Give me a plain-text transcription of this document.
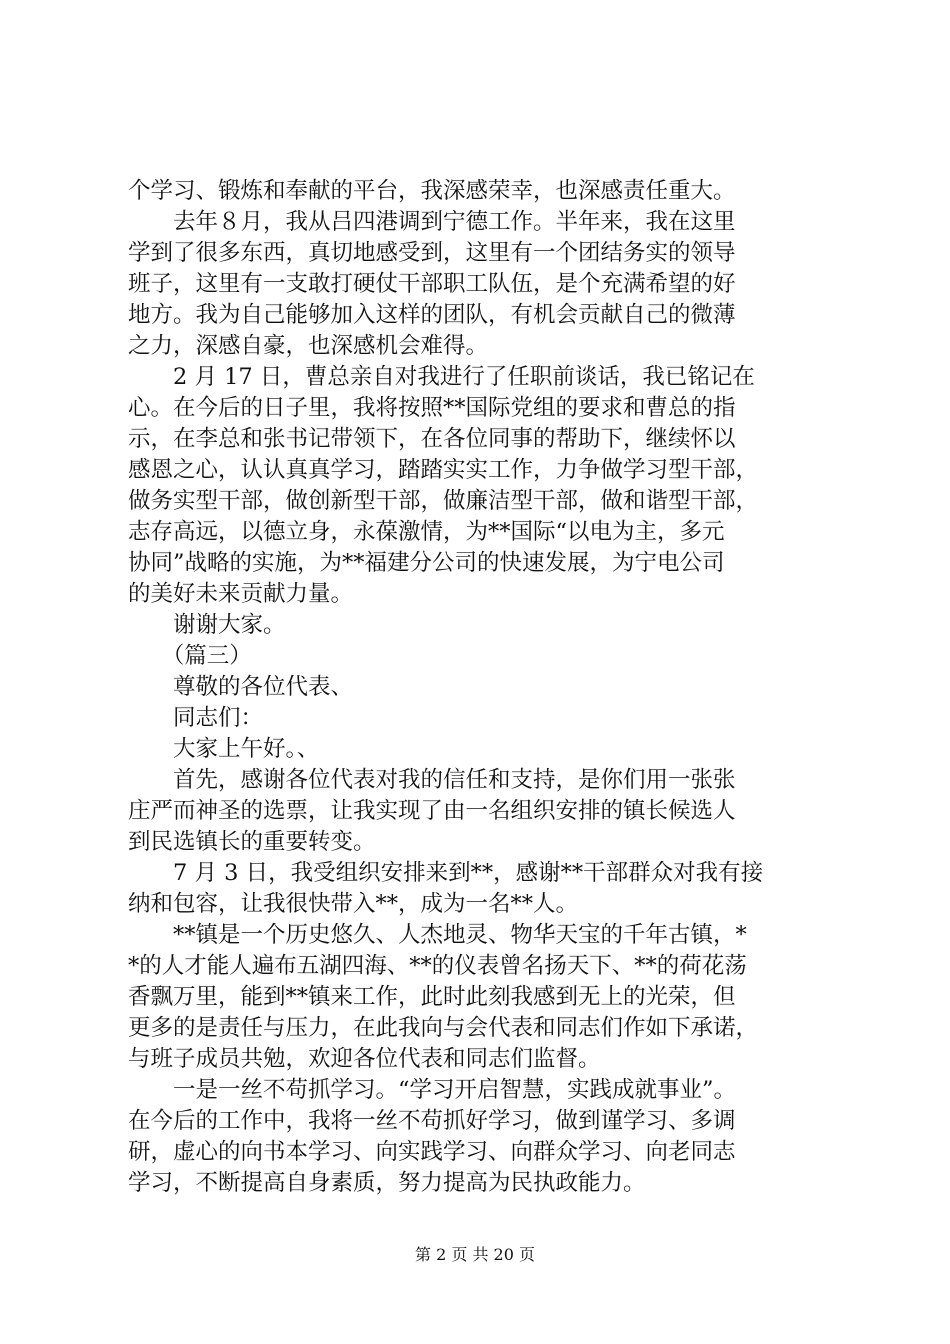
个学习、锻炼和奉献的平台，我深感荣幸，也深感责任重大。
　　去年８月，我从吕四港调到宁德工作。半年来，我在这里
学到了很多东西，真切地感受到，这里有一个团结务实的领导
班子，这里有一支敢打硬仗干部职工队伍，是个充满希望的好
地方。我为自己能够加入这样的团队，有机会贡献自己的微薄
之力，深感自豪，也深感机会难得。
　　2 月 17 日，曹总亲自对我进行了任职前谈话，我已铭记在
心。在今后的日子里，我将按照**国际党组的要求和曹总的指
示，在李总和张书记带领下，在各位同事的帮助下，继续怀以
感恩之心，认认真真学习，踏踏实实工作，力争做学习型干部，
做务实型干部，做创新型干部，做廉洁型干部，做和谐型干部，
志存高远，以德立身，永葆激情，为**国际“以电为主，多元
协同”战略的实施，为**福建分公司的快速发展，为宁电公司
的美好未来贡献力量。
　　谢谢大家。
　　（篇三）
　　尊敬的各位代表、
　　同志们：
　　大家上午好。、
　　首先，感谢各位代表对我的信任和支持，是你们用一张张
庄严而神圣的选票，让我实现了由一名组织安排的镇长候选人
到民选镇长的重要转变。
　　7 月 3 日，我受组织安排来到**，感谢**干部群众对我有接
纳和包容，让我很快带入**，成为一名**人。
　　**镇是一个历史悠久、人杰地灵、物华天宝的千年古镇，*
*的人才能人遍布五湖四海、**的仪表曾名扬天下、**的荷花荡
香飘万里，能到**镇来工作，此时此刻我感到无上的光荣，但
更多的是责任与压力，在此我向与会代表和同志们作如下承诺，
与班子成员共勉，欢迎各位代表和同志们监督。
　　一是一丝不苟抓学习。“学习开启智慧，实践成就事业”。
在今后的工作中，我将一丝不苟抓好学习，做到谨学习、多调
研，虚心的向书本学习、向实践学习、向群众学习、向老同志
学习，不断提高自身素质，努力提高为民执政能力。
第 2 页 共 20 页
